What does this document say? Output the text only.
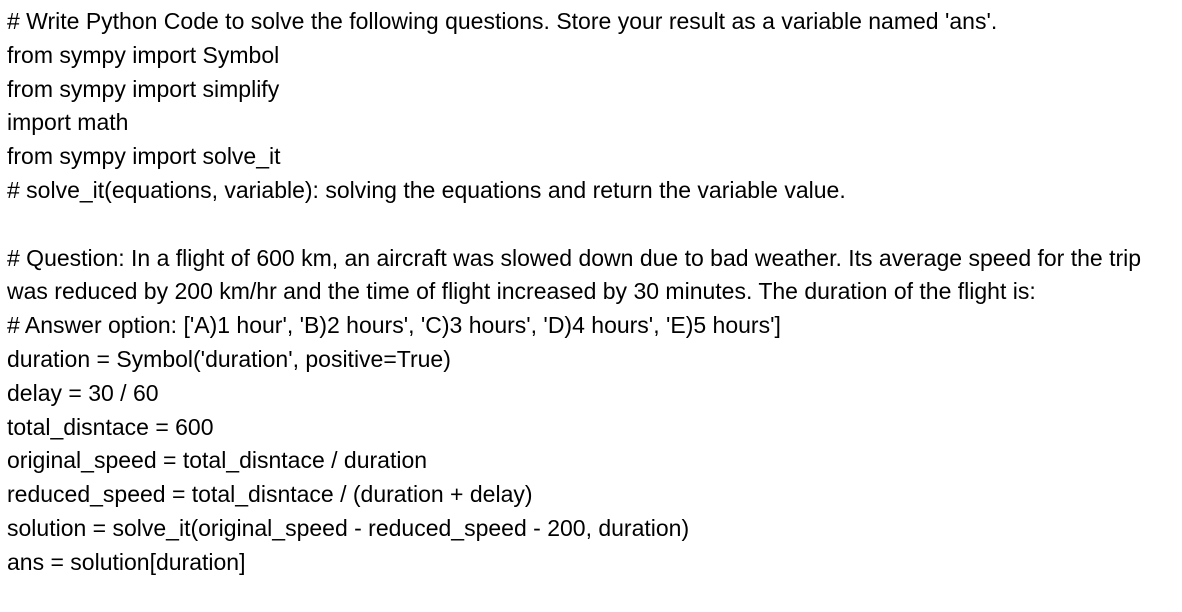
# Write Python Code to solve the following questions. Store your result as a variable named 'ans'.
from sympy import Symbol
from sympy import simplify
import math
from sympy import solve_it
# solve_it(equations, variable): solving the equations and return the variable value.
# Question: In a flight of 600 km, an aircraft was slowed down due to bad weather. Its average speed for the trip was reduced by 200 km/hr and the time of flight increased by 30 minutes. The duration of the flight is:
# Answer option: ['A)1 hour', 'B)2 hours', 'C)3 hours', 'D)4 hours', 'E)5 hours']
duration = Symbol('duration', positive=True)
delay = 30 / 60
total_disntace = 600
original_speed = total_disntace / duration
reduced_speed = total_disntace / (duration + delay)
solution = solve_it(original_speed - reduced_speed - 200, duration)
ans = solution[duration]
